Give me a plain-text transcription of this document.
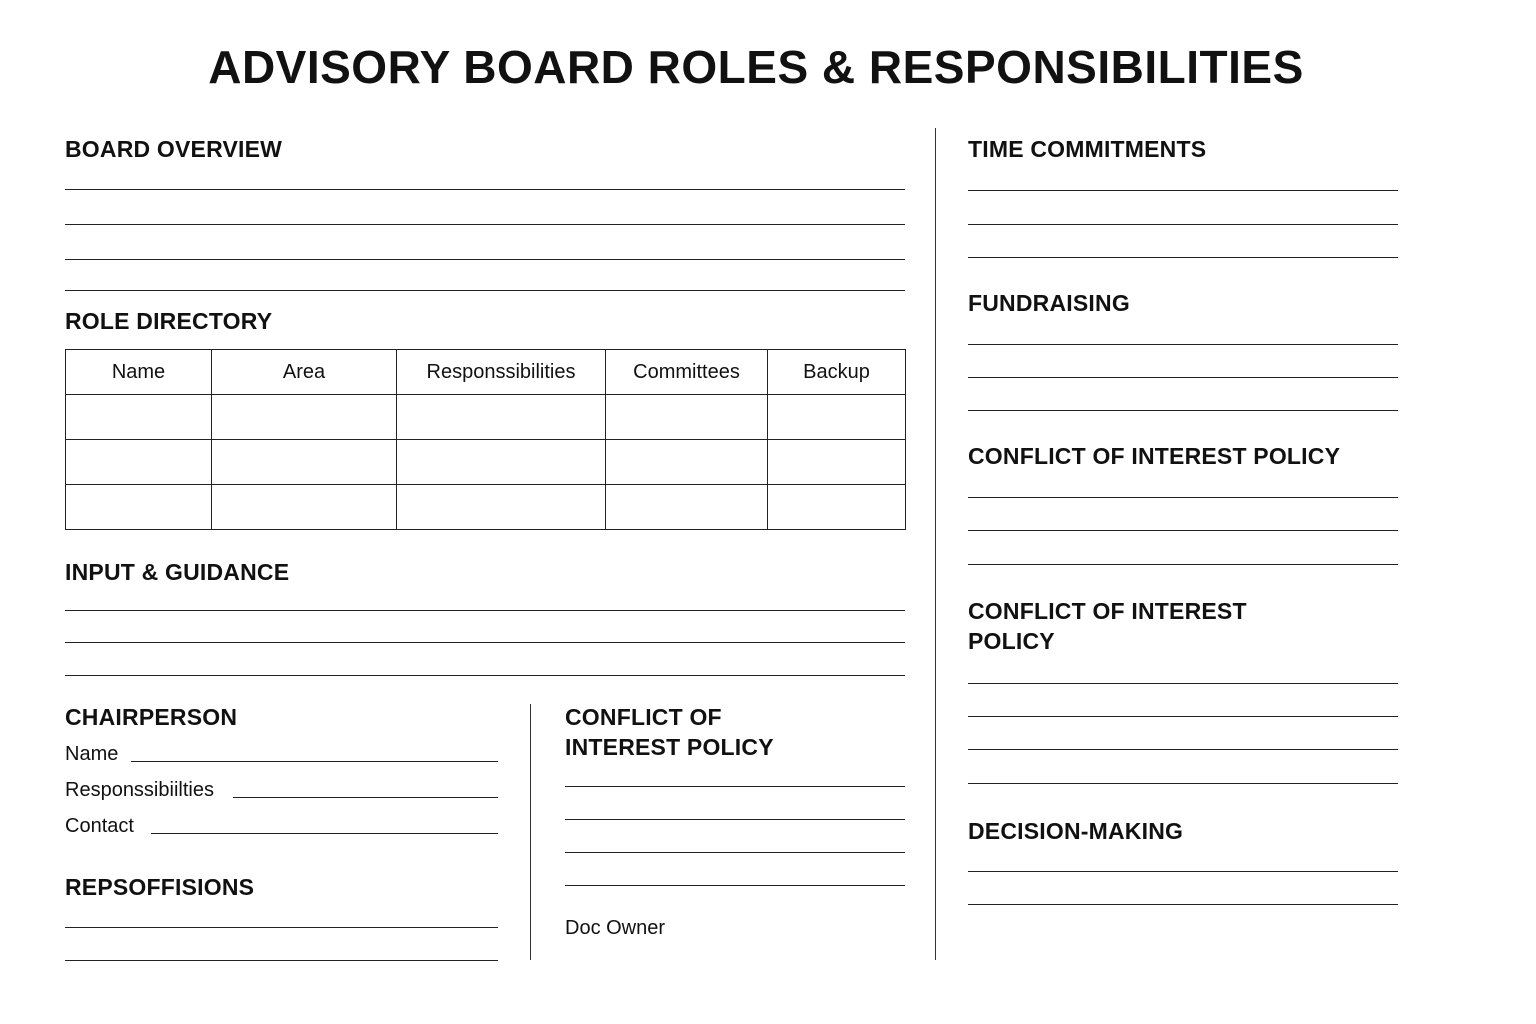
ADVISORY BOARD ROLES & RESPONSIBILITIES
BOARD OVERVIEW
ROLE DIRECTORY
Name	Area	Responssibilities	Committees	Backup

INPUT & GUIDANCE
CHAIRPERSON
Name
Responssibiilties
Contact
REPSOFFISIONS
CONFLICT OF
INTEREST POLICY
Doc Owner
TIME COMMITMENTS
FUNDRAISING
CONFLICT OF INTEREST POLICY
CONFLICT OF INTEREST
POLICY
DECISION-MAKING
